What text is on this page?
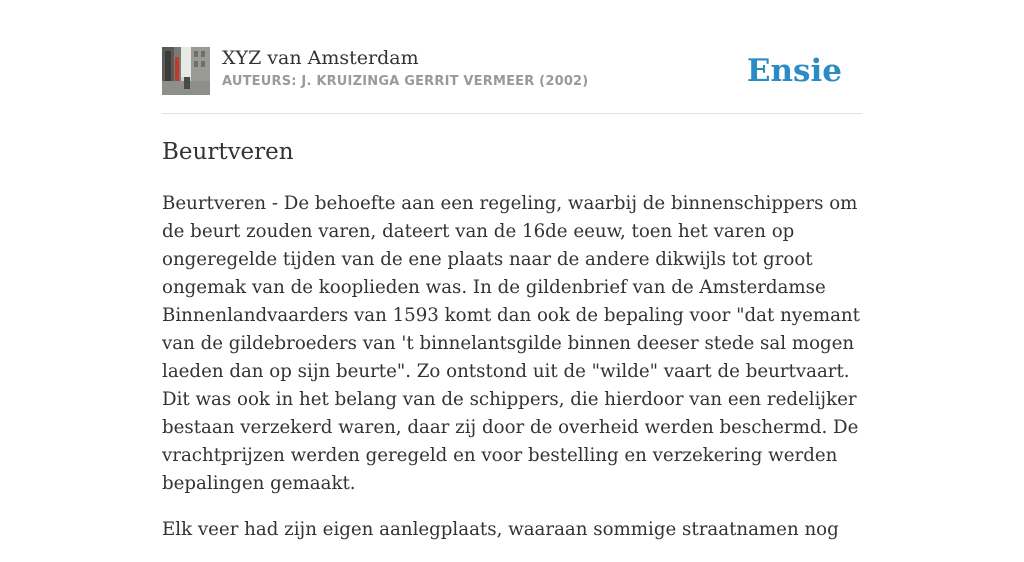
XYZ van Amsterdam
AUTEURS: J. KRUIZINGA GERRIT VERMEER (2002)	Ensie
Beurtveren

Beurtveren - De behoefte aan een regeling, waarbij de binnenschippers om de beurt zouden varen, dateert van de 16de eeuw, toen het varen op ongeregelde tijden van de ene plaats naar de andere dikwijls tot groot ongemak van de kooplieden was. In de gildenbrief van de Amsterdamse Binnenlandvaarders van 1593 komt dan ook de bepaling voor "dat nyemant van de gildebroeders van 't binnelantsgilde binnen deeser stede sal mogen laeden dan op sijn beurte". Zo ontstond uit de "wilde" vaart de beurtvaart. Dit was ook in het belang van de schippers, die hierdoor van een redelijker bestaan verzekerd waren, daar zij door de overheid werden beschermd. De vrachtprijzen werden geregeld en voor bestelling en verzekering werden bepalingen gemaakt.

Elk veer had zijn eigen aanlegplaats, waaraan sommige straatnamen nog
